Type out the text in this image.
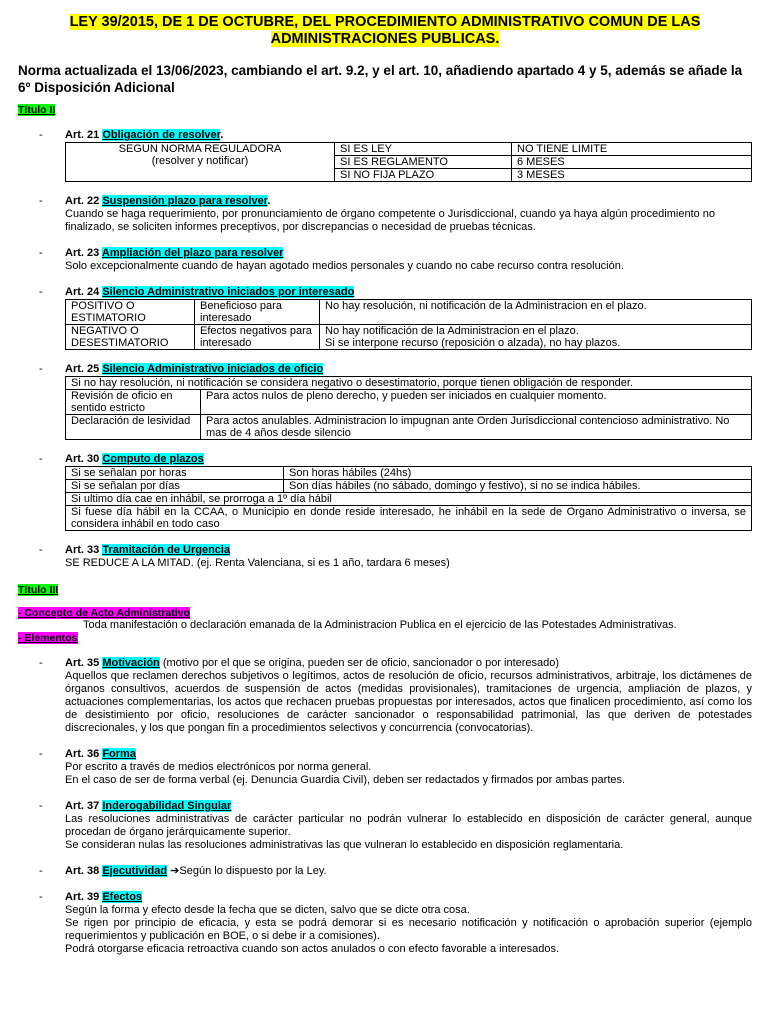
LEY 39/2015, DE 1 DE OCTUBRE, DEL PROCEDIMIENTO ADMINISTRATIVO COMUN DE LAS ADMINISTRACIONES PUBLICAS.
Norma actualizada el 13/06/2023, cambiando el art. 9.2, y el art. 10, añadiendo apartado 4 y 5, además se añade la 6º Disposición Adicional
Título II
- Art. 21 Obligación de resolver.
SEGUN NORMA REGULADORA
(resolver y notificar)	SI ES LEY	NO TIENE LIMITE
	SI ES REGLAMENTO	6 MESES
	SI NO FIJA PLAZO	3 MESES
- Art. 22 Suspensión plazo para resolver.
Cuando se haga requerimiento, por pronunciamiento de órgano competente o Jurisdiccional, cuando ya haya algún procedimiento no finalizado, se soliciten informes preceptivos, por discrepancias o necesidad de pruebas técnicas.
- Art. 23 Ampliación del plazo para resolver
Solo excepcionalmente cuando de hayan agotado medios personales y cuando no cabe recurso contra resolución.
- Art. 24 Silencio Administrativo iniciados por interesado
POSITIVO O ESTIMATORIO	Beneficioso para interesado	No hay resolución, ni notificación de la Administracion en el plazo.
NEGATIVO O DESESTIMATORIO	Efectos negativos para interesado	No hay notificación de la Administracion en el plazo.
Si se interpone recurso (reposición o alzada), no hay plazos.
- Art. 25 Silencio Administrativo iniciados de oficio
Si no hay resolución, ni notificación se considera negativo o desestimatorio, porque tienen obligación de responder.	
Revisión de oficio en sentido estricto	Para actos nulos de pleno derecho, y pueden ser iniciados en cualquier momento.
Declaración de lesividad	Para actos anulables. Administracion lo impugnan ante Orden Jurisdiccional contencioso administrativo. No mas de 4 años desde silencio
- Art. 30 Computo de plazos
Si se señalan por horas	Son horas hábiles (24hs)
Si se señalan por días	Son días hábiles (no sábado, domingo y festivo), si no se indica hábiles.
Si ultimo día cae en inhábil, se prorroga a 1º día hábil	
Si fuese día hábil en la CCAA, o Municipio en donde reside interesado, he inhábil en la sede de Organo Administrativo o inversa, se considera inhábil en todo caso	
- Art. 33 Tramitación de Urgencia
SE REDUCE A LA MITAD. (ej. Renta Valenciana, si es 1 año, tardara 6 meses)
Título III
- Concepto de Acto Administrativo
Toda manifestación o declaración emanada de la Administracion Publica en el ejercicio de las Potestades Administrativas.
- Elementos
- Art. 35 Motivación (motivo por el que se origina, pueden ser de oficio, sancionador o por interesado)
Aquellos que reclamen derechos subjetivos o legítimos, actos de resolución de oficio, recursos administrativos, arbitraje, los dictámenes de órganos consultivos, acuerdos de suspensión de actos (medidas provisionales), tramitaciones de urgencia, ampliación de plazos, y actuaciones complementarias, los actos que rechacen pruebas propuestas por interesados, actos que finalicen procedimiento, así como los de desistimiento por oficio, resoluciones de carácter sancionador o responsabilidad patrimonial, las que deriven de potestades discrecionales, y los que pongan fin a procedimientos selectivos y concurrencia (convocatorias).
- Art. 36 Forma
Por escrito a través de medios electrónicos por norma general.
En el caso de ser de forma verbal (ej. Denuncia Guardia Civil), deben ser redactados y firmados por ambas partes.
- Art. 37 Inderogabilidad Singular
Las resoluciones administrativas de carácter particular no podrán vulnerar lo establecido en disposición de carácter general, aunque procedan de órgano jerárquicamente superior.
Se consideran nulas las resoluciones administrativas las que vulneran lo establecido en disposición reglamentaria.
- Art. 38 Ejecutividad ➔Según lo dispuesto por la Ley.
- Art. 39 Efectos
Según la forma y efecto desde la fecha que se dicten, salvo que se dicte otra cosa.
Se rigen por principio de eficacia, y esta se podrá demorar si es necesario notificación y notificación o aprobación superior (ejemplo requerimientos y publicación en BOE, o si debe ir a comisiones).
Podrá otorgarse eficacia retroactiva cuando son actos anulados o con efecto favorable a interesados.
